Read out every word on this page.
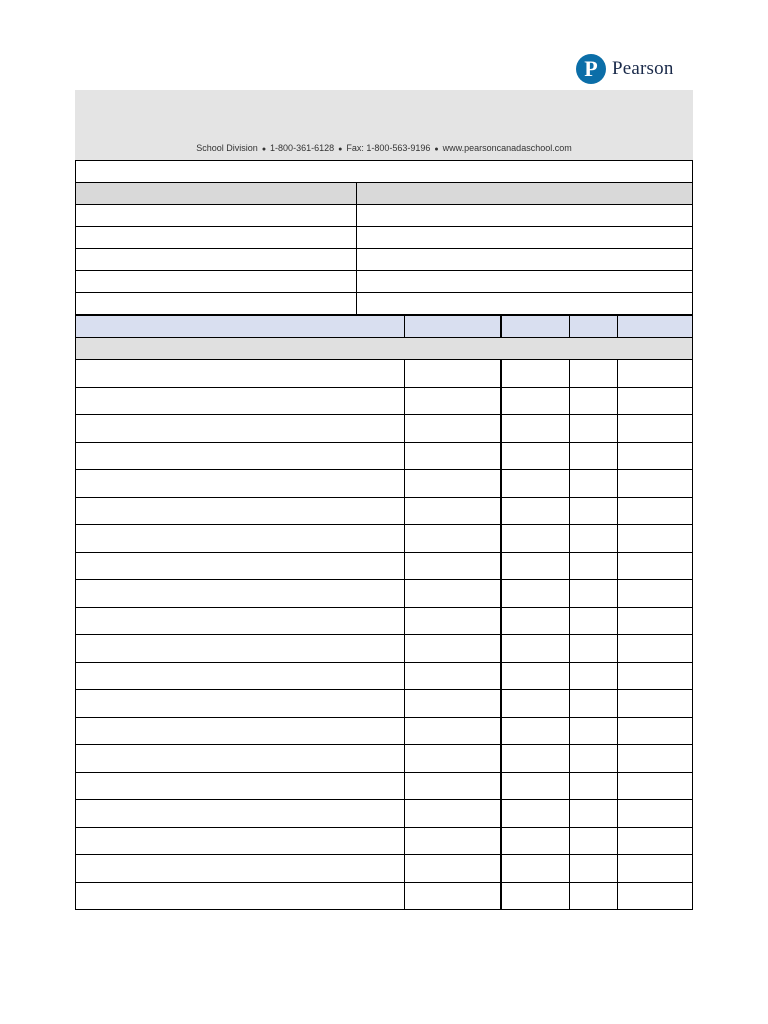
P Pearson
School Division ● 1-800-361-6128 ● Fax: 1-800-563-9196 ● www.pearsoncanadaschool.com
